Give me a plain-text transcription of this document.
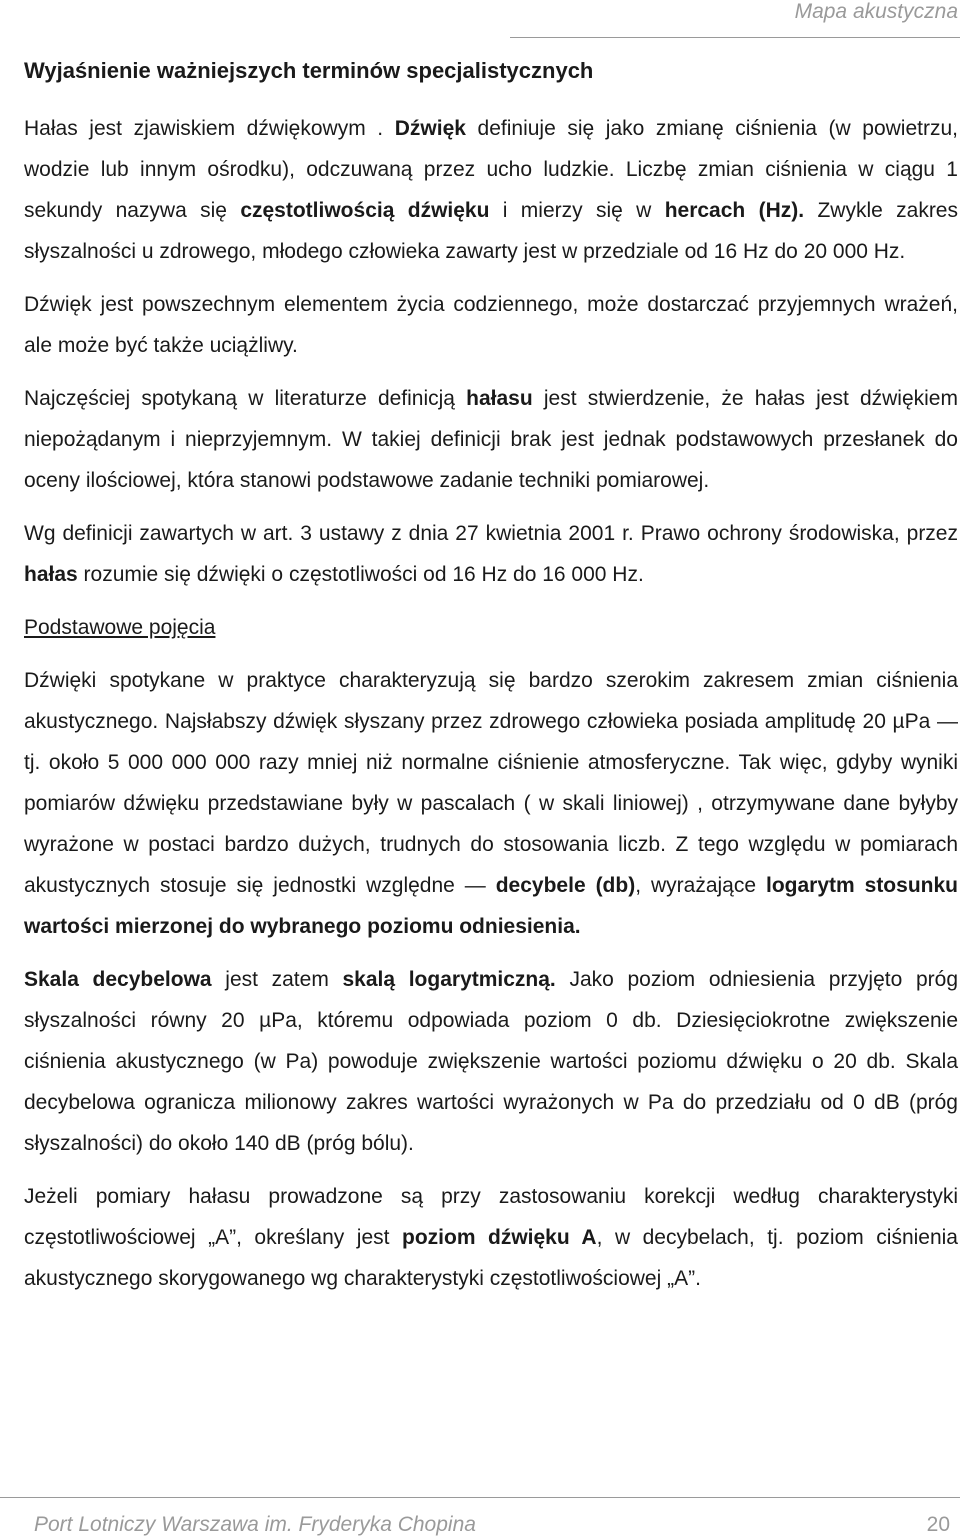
Mapa akustyczna
Wyjaśnienie ważniejszych terminów specjalistycznych

Hałas jest zjawiskiem dźwiękowym . Dźwięk definiuje się jako zmianę ciśnienia (w powietrzu, wodzie lub innym ośrodku), odczuwaną przez ucho ludzkie. Liczbę zmian ciśnienia w ciągu 1 sekundy nazywa się częstotliwością dźwięku i mierzy się w hercach (Hz). Zwykle zakres słyszalności u zdrowego, młodego człowieka zawarty jest w przedziale od 16 Hz do 20 000 Hz.

Dźwięk jest powszechnym elementem życia codziennego, może dostarczać przyjemnych wrażeń, ale może być także uciążliwy.

Najczęściej spotykaną w literaturze definicją hałasu jest stwierdzenie, że hałas jest dźwiękiem niepożądanym i nieprzyjemnym. W takiej definicji brak jest jednak podstawowych przesłanek do oceny ilościowej, która stanowi podstawowe zadanie techniki pomiarowej.

Wg definicji zawartych w art. 3 ustawy z dnia 27 kwietnia 2001 r. Prawo ochrony środowiska, przez hałas rozumie się dźwięki o częstotliwości od 16 Hz do 16 000 Hz.

Podstawowe pojęcia

Dźwięki spotykane w praktyce charakteryzują się bardzo szerokim zakresem zmian ciśnienia akustycznego. Najsłabszy dźwięk słyszany przez zdrowego człowieka posiada amplitudę 20 µPa — tj. około 5 000 000 000 razy mniej niż normalne ciśnienie atmosferyczne. Tak więc, gdyby wyniki pomiarów dźwięku przedstawiane były w pascalach ( w skali liniowej) , otrzymywane dane byłyby wyrażone w postaci bardzo dużych, trudnych do stosowania liczb. Z tego względu w pomiarach akustycznych stosuje się jednostki względne — decybele (db), wyrażające logarytm stosunku wartości mierzonej do wybranego poziomu odniesienia.

Skala decybelowa jest zatem skalą logarytmiczną. Jako poziom odniesienia przyjęto próg słyszalności równy 20 µPa, któremu odpowiada poziom 0 db. Dziesięciokrotne zwiększenie ciśnienia akustycznego (w Pa) powoduje zwiększenie wartości poziomu dźwięku o 20 db. Skala decybelowa ogranicza milionowy zakres wartości wyrażonych w Pa do przedziału od 0 dB (próg słyszalności) do około 140 dB (próg bólu).

Jeżeli pomiary hałasu prowadzone są przy zastosowaniu korekcji według charakterystyki częstotliwościowej „A”, określany jest poziom dźwięku A, w decybelach, tj. poziom ciśnienia akustycznego skorygowanego wg charakterystyki częstotliwościowej „A”.

Port Lotniczy Warszawa im. Fryderyka Chopina	20
